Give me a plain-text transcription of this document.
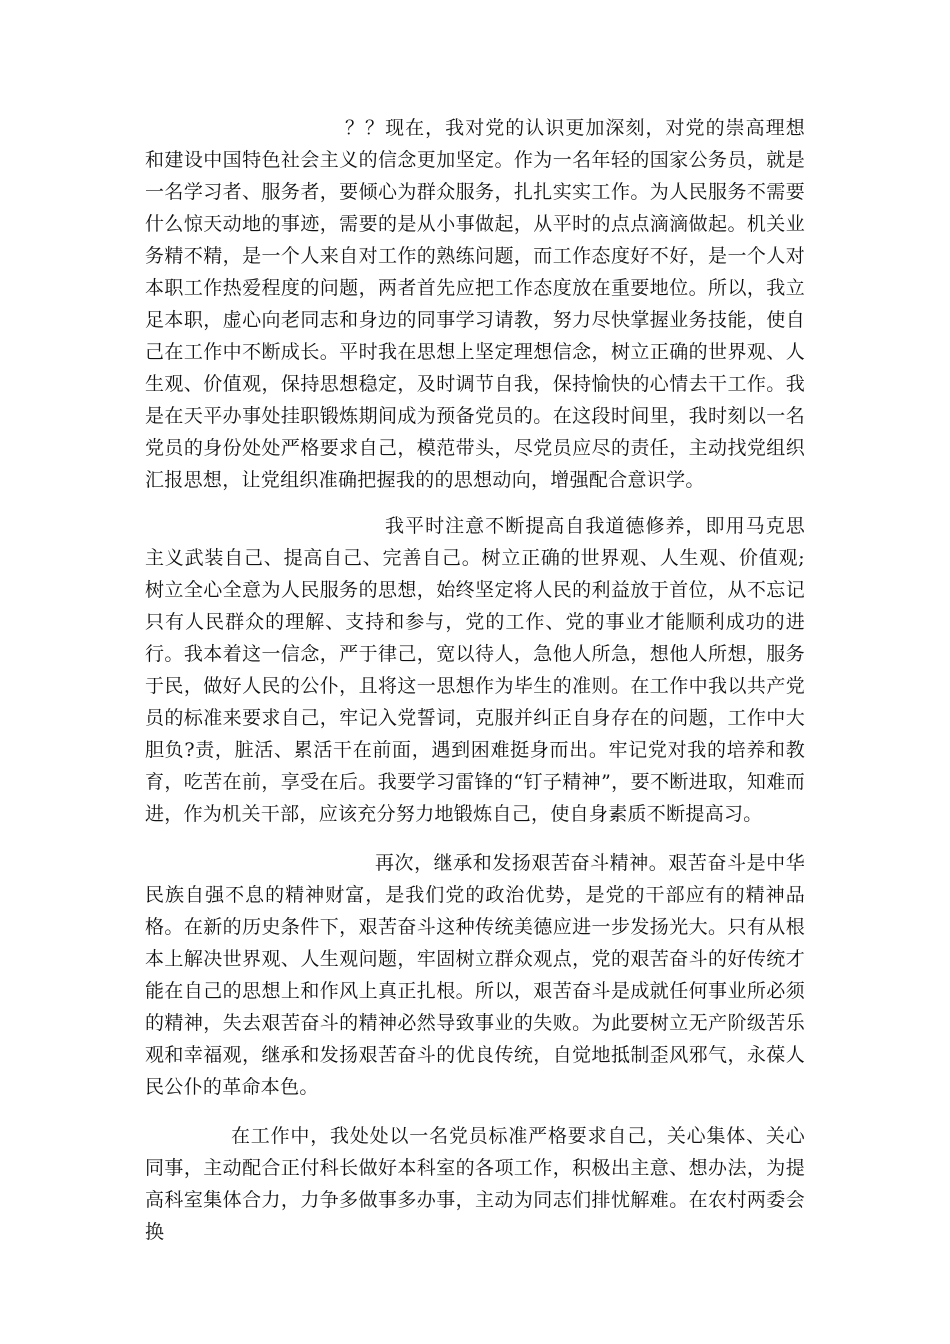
？？现在，我对党的认识更加深刻，对党的崇高理想和建设中国特色社会主义的信念更加坚定。作为一名年轻的国家公务员，就是一名学习者、服务者，要倾心为群众服务，扎扎实实工作。为人民服务不需要什么惊天动地的事迹，需要的是从小事做起，从平时的点点滴滴做起。机关业务精不精，是一个人来自对工作的熟练问题，而工作态度好不好，是一个人对本职工作热爱程度的问题，两者首先应把工作态度放在重要地位。所以，我立足本职，虚心向老同志和身边的同事学习请教，努力尽快掌握业务技能，使自己在工作中不断成长。平时我在思想上坚定理想信念，树立正确的世界观、人生观、价值观，保持思想稳定，及时调节自我，保持愉快的心情去干工作。我是在天平办事处挂职锻炼期间成为预备党员的。在这段时间里，我时刻以一名党员的身份处处严格要求自己，模范带头，尽党员应尽的责任，主动找党组织汇报思想，让党组织准确把握我的的思想动向，增强配合意识学。

我平时注意不断提高自我道德修养，即用马克思主义武装自己、提高自己、完善自己。树立正确的世界观、人生观、价值观;树立全心全意为人民服务的思想，始终坚定将人民的利益放于首位，从不忘记只有人民群众的理解、支持和参与，党的工作、党的事业才能顺利成功的进行。我本着这一信念，严于律己，宽以待人，急他人所急，想他人所想，服务于民，做好人民的公仆，且将这一思想作为毕生的准则。在工作中我以共产党员的标准来要求自己，牢记入党誓词，克服并纠正自身存在的问题，工作中大胆负?责，脏活、累活干在前面，遇到困难挺身而出。牢记党对我的培养和教育，吃苦在前，享受在后。我要学习雷锋的“钉子精神”，要不断进取，知难而进，作为机关干部，应该充分努力地锻炼自己，使自身素质不断提高习。

再次，继承和发扬艰苦奋斗精神。艰苦奋斗是中华民族自强不息的精神财富，是我们党的政治优势，是党的干部应有的精神品格。在新的历史条件下，艰苦奋斗这种传统美德应进一步发扬光大。只有从根本上解决世界观、人生观问题，牢固树立群众观点，党的艰苦奋斗的好传统才能在自己的思想上和作风上真正扎根。所以，艰苦奋斗是成就任何事业所必须的精神，失去艰苦奋斗的精神必然导致事业的失败。为此要树立无产阶级苦乐观和幸福观，继承和发扬艰苦奋斗的优良传统，自觉地抵制歪风邪气，永葆人民公仆的革命本色。

在工作中，我处处以一名党员标准严格要求自己，关心集体、关心同事，主动配合正付科长做好本科室的各项工作，积极出主意、想办法，为提高科室集体合力，力争多做事多办事，主动为同志们排忧解难。在农村两委会换
